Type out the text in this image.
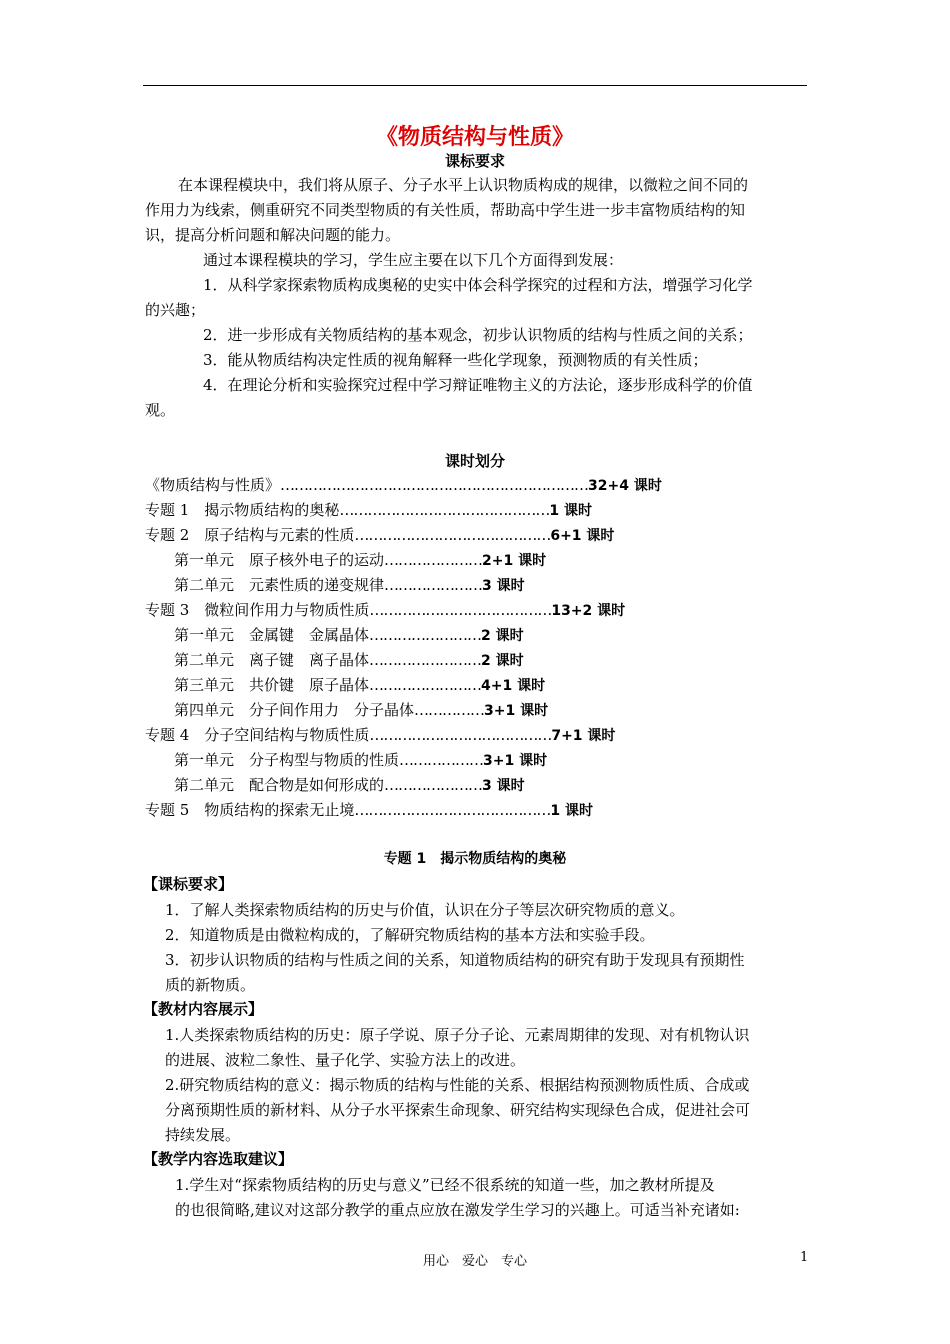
《物质结构与性质》
课标要求
在本课程模块中，我们将从原子、分子水平上认识物质构成的规律，以微粒之间不同的
作用力为线索，侧重研究不同类型物质的有关性质，帮助高中学生进一步丰富物质结构的知
识，提高分析问题和解决问题的能力。
通过本课程模块的学习，学生应主要在以下几个方面得到发展：
1．从科学家探索物质构成奥秘的史实中体会科学探究的过程和方法，增强学习化学
的兴趣；
2．进一步形成有关物质结构的基本观念，初步认识物质的结构与性质之间的关系；
3．能从物质结构决定性质的视角解释一些化学现象，预测物质的有关性质；
4．在理论分析和实验探究过程中学习辩证唯物主义的方法论，逐步形成科学的价值
观。
课时划分
《物质结构与性质》…………………………………………………………32+4 课时
专题 1　揭示物质结构的奥秘………………………………………1 课时
专题 2　原子结构与元素的性质……………………………………6+1 课时
第一单元　原子核外电子的运动…………………2+1 课时
第二单元　元素性质的递变规律…………………3 课时
专题 3　微粒间作用力与物质性质…………………………………13+2 课时
第一单元　金属键　金属晶体……………………2 课时
第二单元　离子键　离子晶体……………………2 课时
第三单元　共价键　原子晶体……………………4+1 课时
第四单元　分子间作用力　分子晶体……………3+1 课时
专题 4　分子空间结构与物质性质…………………………………7+1 课时
第一单元　分子构型与物质的性质………………3+1 课时
第二单元　配合物是如何形成的…………………3 课时
专题 5　物质结构的探索无止境……………………………………1 课时
专题 1　揭示物质结构的奥秘
【课标要求】
1．了解人类探索物质结构的历史与价值，认识在分子等层次研究物质的意义。
2．知道物质是由微粒构成的，了解研究物质结构的基本方法和实验手段。
3．初步认识物质的结构与性质之间的关系，知道物质结构的研究有助于发现具有预期性
质的新物质。
【教材内容展示】
1.人类探索物质结构的历史：原子学说、原子分子论、元素周期律的发现、对有机物认识
的进展、波粒二象性、量子化学、实验方法上的改进。
2.研究物质结构的意义：揭示物质的结构与性能的关系、根据结构预测物质性质、合成或
分离预期性质的新材料、从分子水平探索生命现象、研究结构实现绿色合成，促进社会可
持续发展。
【教学内容选取建议】
1.学生对“探索物质结构的历史与意义”已经不很系统的知道一些，加之教材所提及
的也很简略,建议对这部分教学的重点应放在激发学生学习的兴趣上。可适当补充诸如:
用心　爱心　专心	1
